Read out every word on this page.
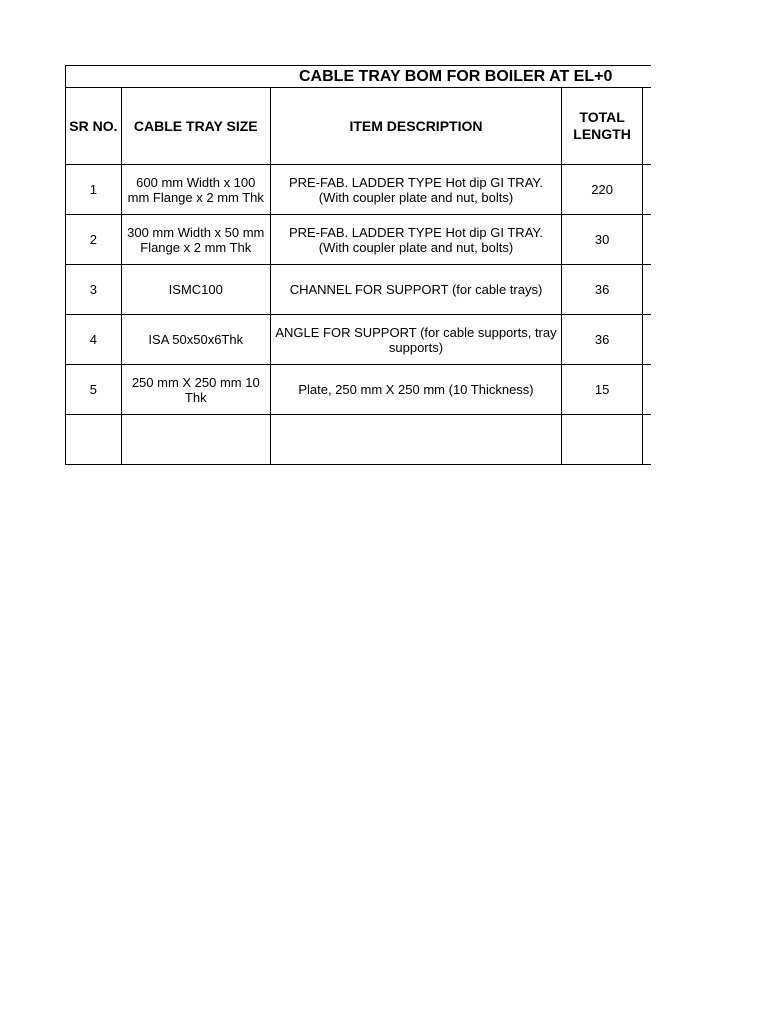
CABLE TRAY BOM FOR BOILER AT EL+0				
SR NO.	CABLE TRAY SIZE	ITEM DESCRIPTION	TOTAL LENGTH	
1	600 mm Width x 100 mm Flange x 2 mm Thk	PRE-FAB. LADDER TYPE Hot dip GI TRAY. (With coupler plate and nut, bolts)	220	
2	300 mm Width x 50 mm Flange x 2 mm Thk	PRE-FAB. LADDER TYPE Hot dip GI TRAY. (With coupler plate and nut, bolts)	30	
3	ISMC100	CHANNEL FOR SUPPORT (for cable trays)	36	
4	ISA 50x50x6Thk	ANGLE FOR SUPPORT (for cable supports, tray supports)	36	
5	250 mm X 250 mm 10 Thk	Plate, 250 mm X 250 mm (10 Thickness)	15	
